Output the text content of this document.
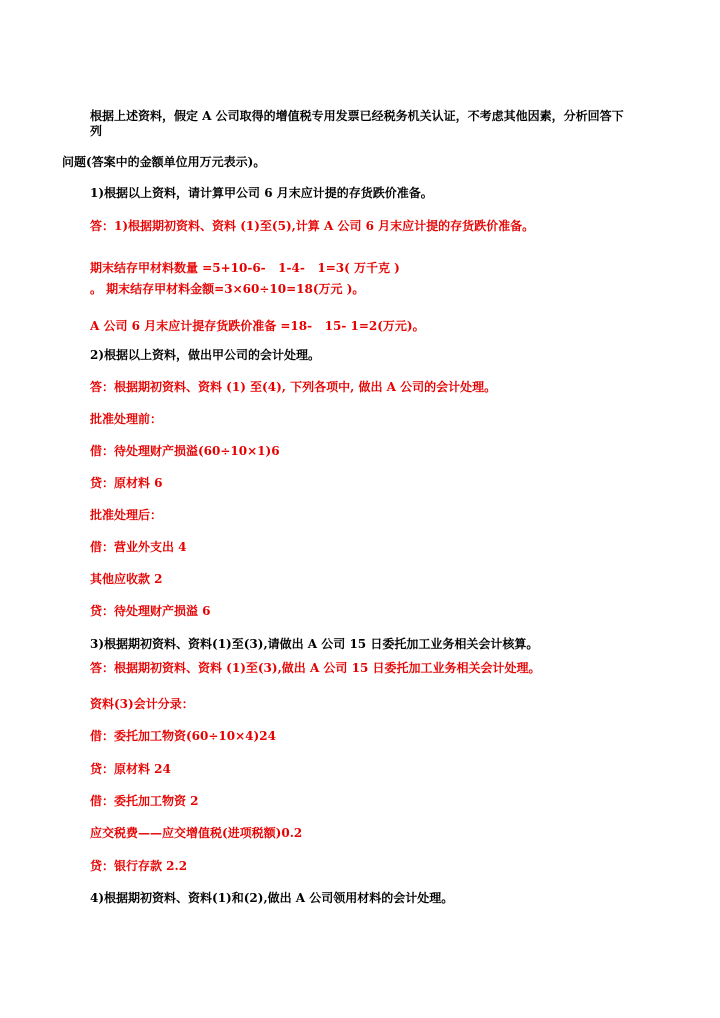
根据上述资料，假定 A 公司取得的增值税专用发票已经税务机关认证，不考虑其他因素，分析回答下
列
问题(答案中的金额单位用万元表示)。
1)根据以上资料，请计算甲公司 6 月末应计提的存货跌价准备。
答：1)根据期初资料、资料 (1)至(5),计算 A 公司 6 月末应计提的存货跌价准备。
期末结存甲材料数量 =5+10-6-   1-4-   1=3( 万千克 )
。 期末结存甲材料金额=3×60÷10=18(万元 )。
A 公司 6 月末应计提存货跌价准备 =18-   15- 1=2(万元)。
2)根据以上资料，做出甲公司的会计处理。
答：根据期初资料、资料 (1) 至(4), 下列各项中, 做出 A 公司的会计处理。
批准处理前：
借：待处理财产损溢(60÷10×1)6
贷：原材料 6
批准处理后：
借：营业外支出 4
其他应收款 2
贷：待处理财产损溢 6
3)根据期初资料、资料(1)至(3),请做出 A 公司 15 日委托加工业务相关会计核算。
答：根据期初资料、资料 (1)至(3),做出 A 公司 15 日委托加工业务相关会计处理。
资料(3)会计分录：
借：委托加工物资(60÷10×4)24
贷：原材料 24
借：委托加工物资 2
应交税费——应交增值税(进项税额)0.2
贷：银行存款 2.2
4)根据期初资料、资料(1)和(2),做出 A 公司领用材料的会计处理。
